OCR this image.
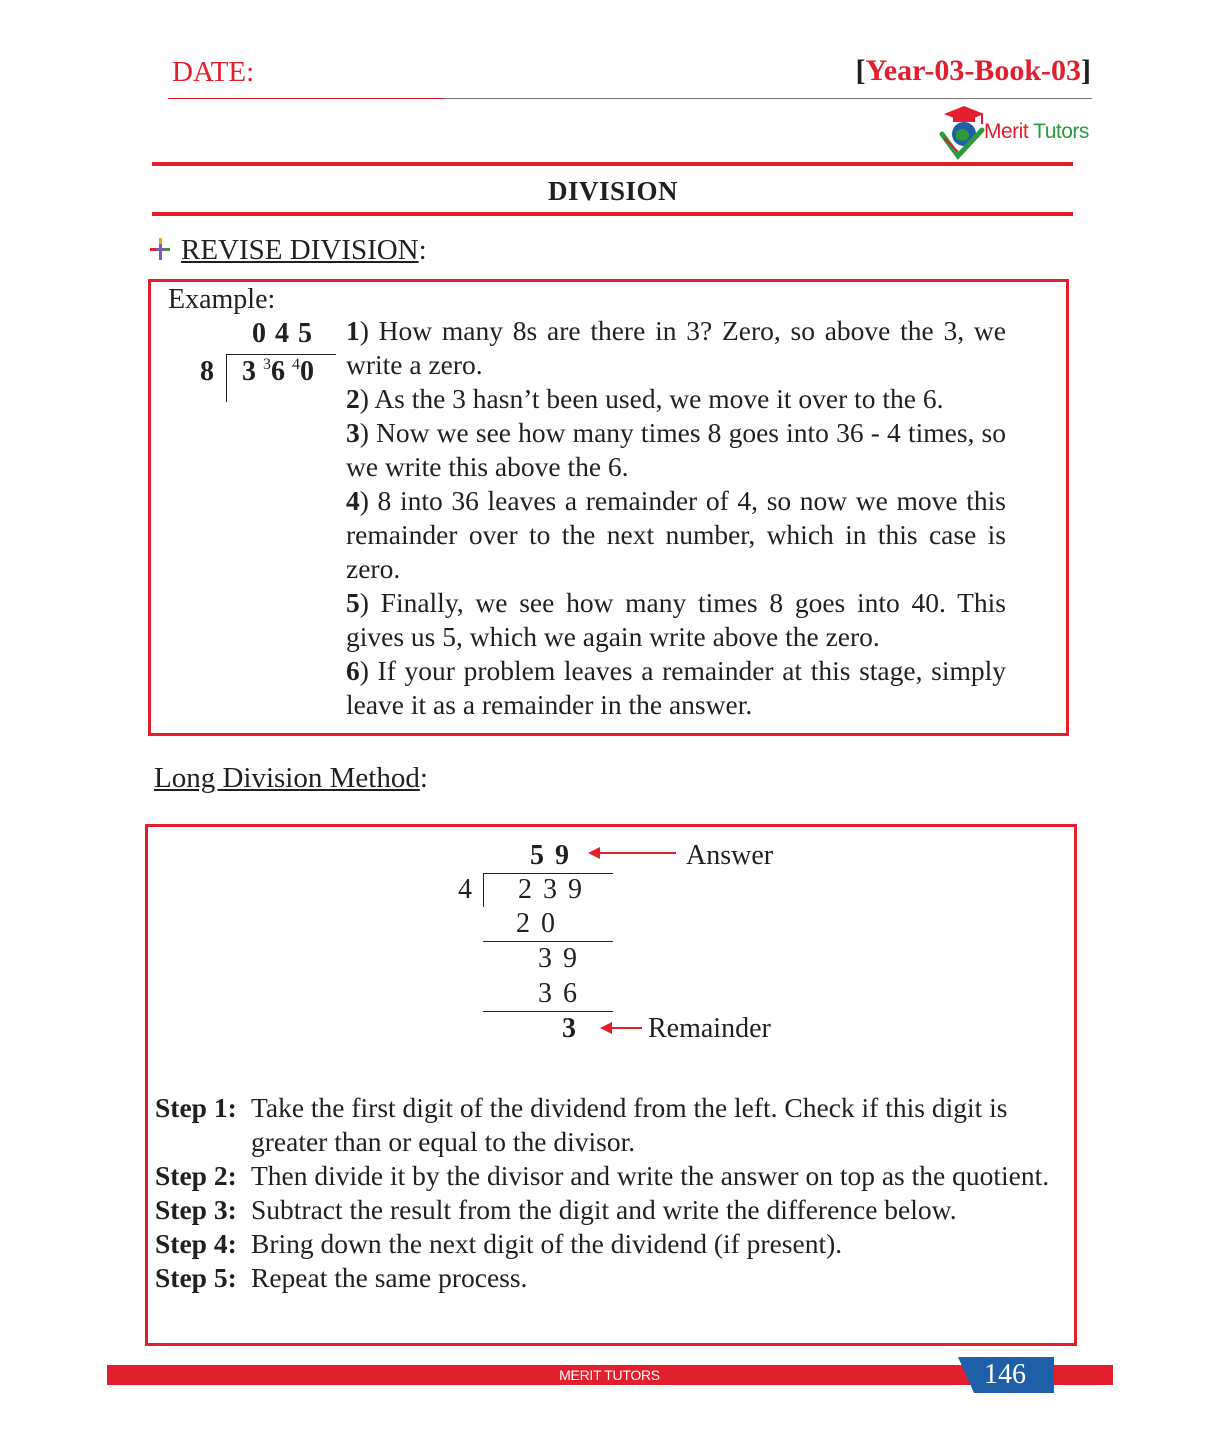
DATE:	[Year-03-Book-03]
Merit Tutors
DIVISION
REVISE DIVISION:
Example:
0 4 5
8 3 $^3$6 $^4$0

1) How many 8s are there in 3? Zero, so above the 3, we write a zero.

2) As the 3 hasn’t been used, we move it over to the 6.

3) Now we see how many times 8 goes into 36 - 4 times, so we write this above the 6.

4) 8 into 36 leaves a remainder of 4, so now we move this remainder over to the next number, which in this case is zero.

5) Finally, we see how many times 8 goes into 40. This gives us 5, which we again write above the zero.

6) If your problem leaves a remainder at this stage, simply leave it as a remainder in the answer.

Long Division Method:
5 9
4 2 3 9
2 0
3 9
3 6
3
Answer
Remainder
Step 1: Take the first digit of the dividend from the left. Check if this digit is greater than or equal to the divisor.
Step 2: Then divide it by the divisor and write the answer on top as the quotient.
Step 3: Subtract the result from the digit and write the difference below.
Step 4: Bring down the next digit of the dividend (if present).
Step 5: Repeat the same process.
MERIT TUTORS	146
